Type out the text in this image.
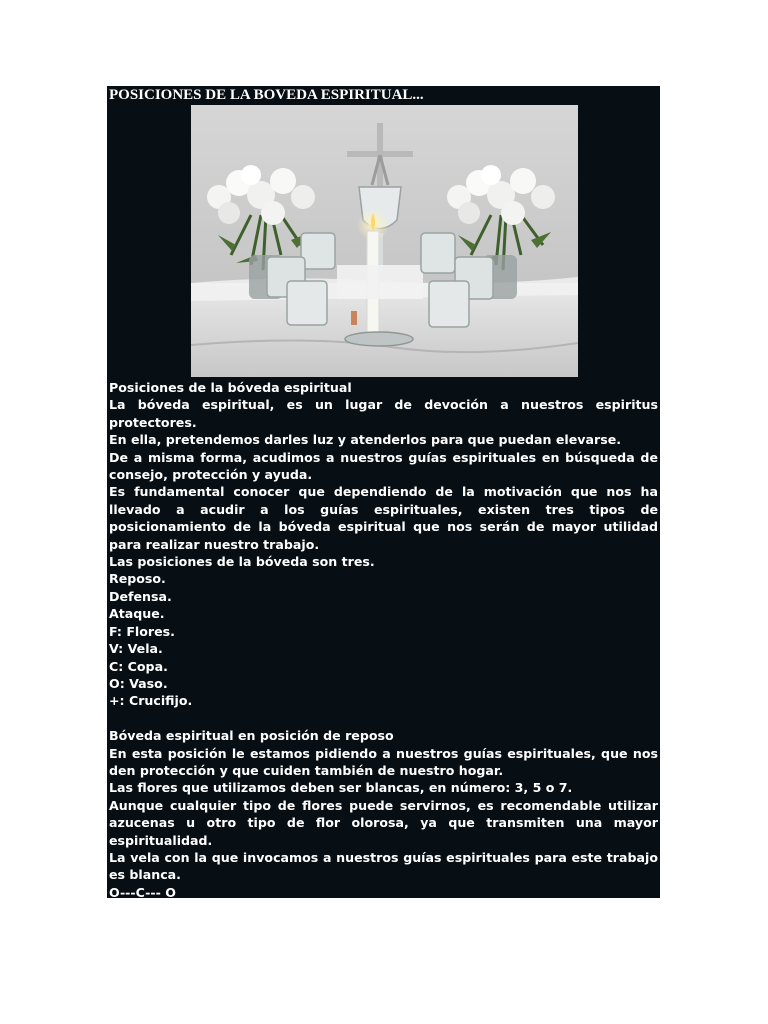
POSICIONES DE LA BOVEDA ESPIRITUAL...

Posiciones de la bóveda espiritual

La bóveda espiritual, es un lugar de devoción a nuestros espiritus protectores.

En ella, pretendemos darles luz y atenderlos para que puedan elevarse.

De a misma forma, acudimos a nuestros guías espirituales en búsqueda de consejo, protección y ayuda.

Es fundamental conocer que dependiendo de la motivación que nos ha llevado a acudir a los guías espirituales, existen tres tipos de posicionamiento de la bóveda espiritual que nos serán de mayor utilidad para realizar nuestro trabajo.

Las posiciones de la bóveda son tres.

Reposo.

Defensa.

Ataque.

F: Flores.

V: Vela.

C: Copa.

O: Vaso.

+: Crucifijo.

Bóveda espiritual en posición de reposo

En esta posición le estamos pidiendo a nuestros guías espirituales, que nos den protección y que cuiden también de nuestro hogar.

Las flores que utilizamos deben ser blancas, en número: 3, 5 o 7.

Aunque cualquier tipo de flores puede servirnos, es recomendable utilizar azucenas u otro tipo de flor olorosa, ya que transmiten una mayor espiritualidad.

La vela con la que invocamos a nuestros guías espirituales para este trabajo es blanca.

O---C--- O
